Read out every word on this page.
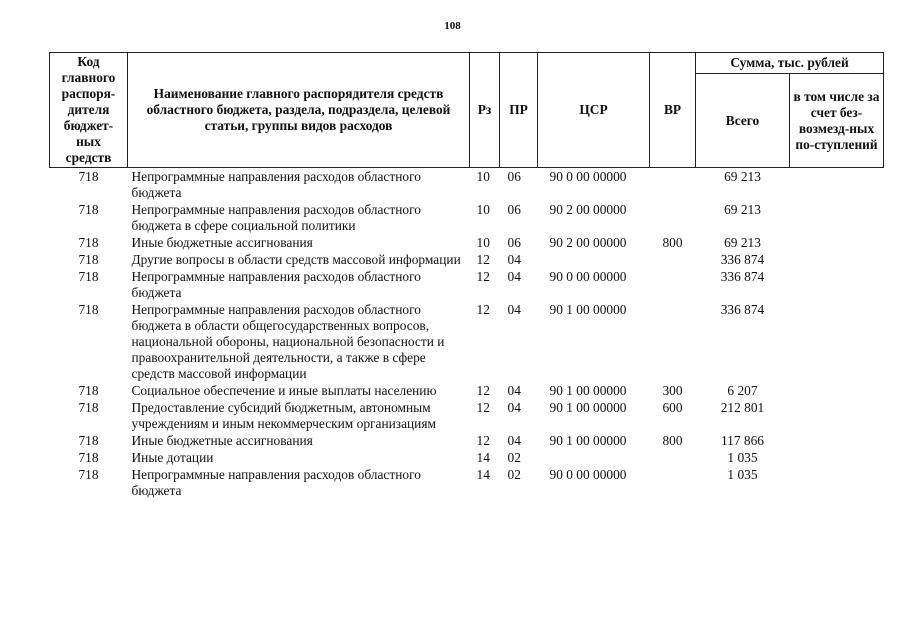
108
Код главного распоря-дителя бюджет-ных средств	Наименование главного распорядителя средств областного бюджета, раздела, подраздела, целевой статьи, группы видов расходов	Рз	ПР	ЦСР	ВР	Сумма, тыс. рублей	
						Всего	в том числе за счет без-возмезд-ных по-ступлений
718	Непрограммные направления расходов областного бюджета	10	06	90 0 00 00000		69 213	
718	Непрограммные направления расходов областного бюджета в сфере социальной политики	10	06	90 2 00 00000		69 213	
718	Иные бюджетные ассигнования	10	06	90 2 00 00000	800	69 213	
718	Другие вопросы в области средств массовой информации	12	04			336 874	
718	Непрограммные направления расходов областного бюджета	12	04	90 0 00 00000		336 874	
718	Непрограммные направления расходов областного бюджета в области общегосударственных вопросов, национальной обороны, национальной безопасности и правоохранительной деятельности, а также в сфере средств массовой информации	12	04	90 1 00 00000		336 874	
718	Социальное обеспечение и иные выплаты населению	12	04	90 1 00 00000	300	6 207	
718	Предоставление субсидий бюджетным, автономным учреждениям и иным некоммерческим организациям	12	04	90 1 00 00000	600	212 801	
718	Иные бюджетные ассигнования	12	04	90 1 00 00000	800	117 866	
718	Иные дотации	14	02			1 035	
718	Непрограммные направления расходов областного бюджета	14	02	90 0 00 00000		1 035	
